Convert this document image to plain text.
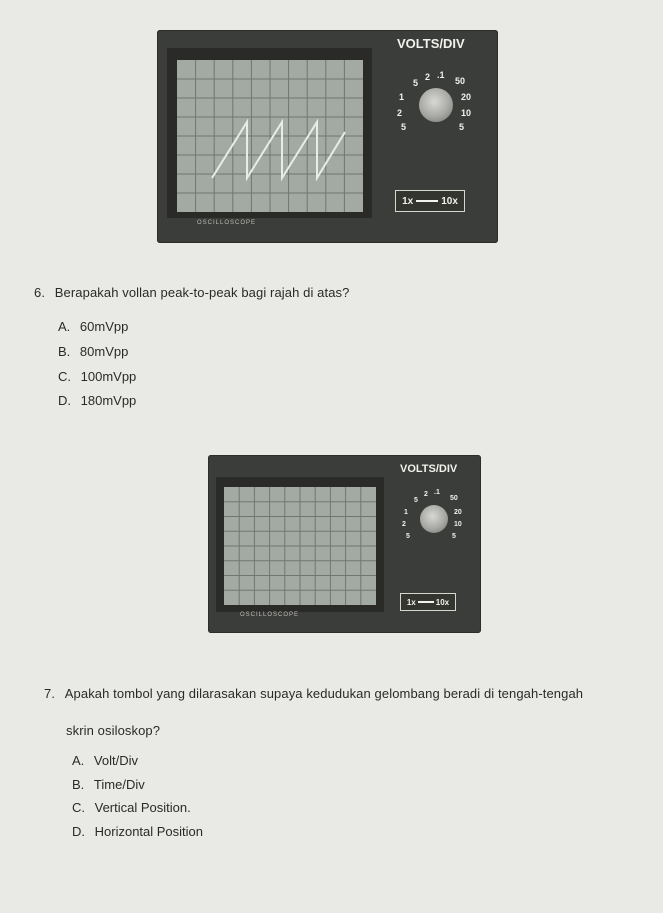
OSCILLOSCOPE
VOLTS/DIV
5
2 .1
50
1	20
2	10
5	5
1x	10x
6. Berapakah vollan peak-to-peak bagi rajah di atas?
A. 60mVpp
B. 80mVpp
C. 100mVpp
D. 180mVpp
OSCILLOSCOPE
VOLTS/DIV
5
2 .1
50
1	20
2	10
5	5
1x	10x
7. Apakah tombol yang dilarasakan supaya kedudukan gelombang beradi di tengah-tengah
skrin osiloskop?
A. Volt/Div
B. Time/Div
C. Vertical Position.
D. Horizontal Position
